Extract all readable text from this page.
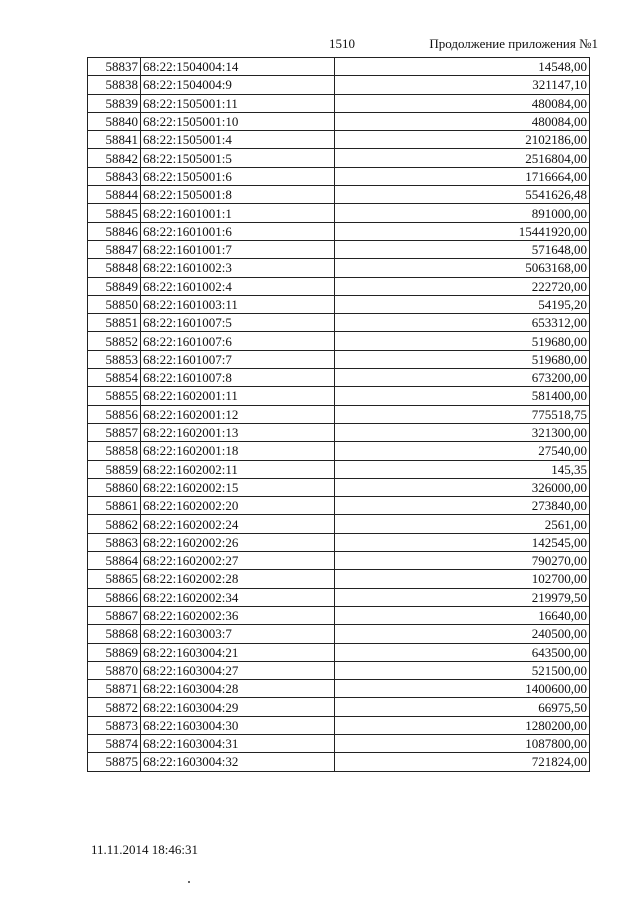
1510	Продолжение приложения №1
58837	68:22:1504004:14	14548,00
58838	68:22:1504004:9	321147,10
58839	68:22:1505001:11	480084,00
58840	68:22:1505001:10	480084,00
58841	68:22:1505001:4	2102186,00
58842	68:22:1505001:5	2516804,00
58843	68:22:1505001:6	1716664,00
58844	68:22:1505001:8	5541626,48
58845	68:22:1601001:1	891000,00
58846	68:22:1601001:6	15441920,00
58847	68:22:1601001:7	571648,00
58848	68:22:1601002:3	5063168,00
58849	68:22:1601002:4	222720,00
58850	68:22:1601003:11	54195,20
58851	68:22:1601007:5	653312,00
58852	68:22:1601007:6	519680,00
58853	68:22:1601007:7	519680,00
58854	68:22:1601007:8	673200,00
58855	68:22:1602001:11	581400,00
58856	68:22:1602001:12	775518,75
58857	68:22:1602001:13	321300,00
58858	68:22:1602001:18	27540,00
58859	68:22:1602002:11	145,35
58860	68:22:1602002:15	326000,00
58861	68:22:1602002:20	273840,00
58862	68:22:1602002:24	2561,00
58863	68:22:1602002:26	142545,00
58864	68:22:1602002:27	790270,00
58865	68:22:1602002:28	102700,00
58866	68:22:1602002:34	219979,50
58867	68:22:1602002:36	16640,00
58868	68:22:1603003:7	240500,00
58869	68:22:1603004:21	643500,00
58870	68:22:1603004:27	521500,00
58871	68:22:1603004:28	1400600,00
58872	68:22:1603004:29	66975,50
58873	68:22:1603004:30	1280200,00
58874	68:22:1603004:31	1087800,00
58875	68:22:1603004:32	721824,00
11.11.2014 18:46:31
